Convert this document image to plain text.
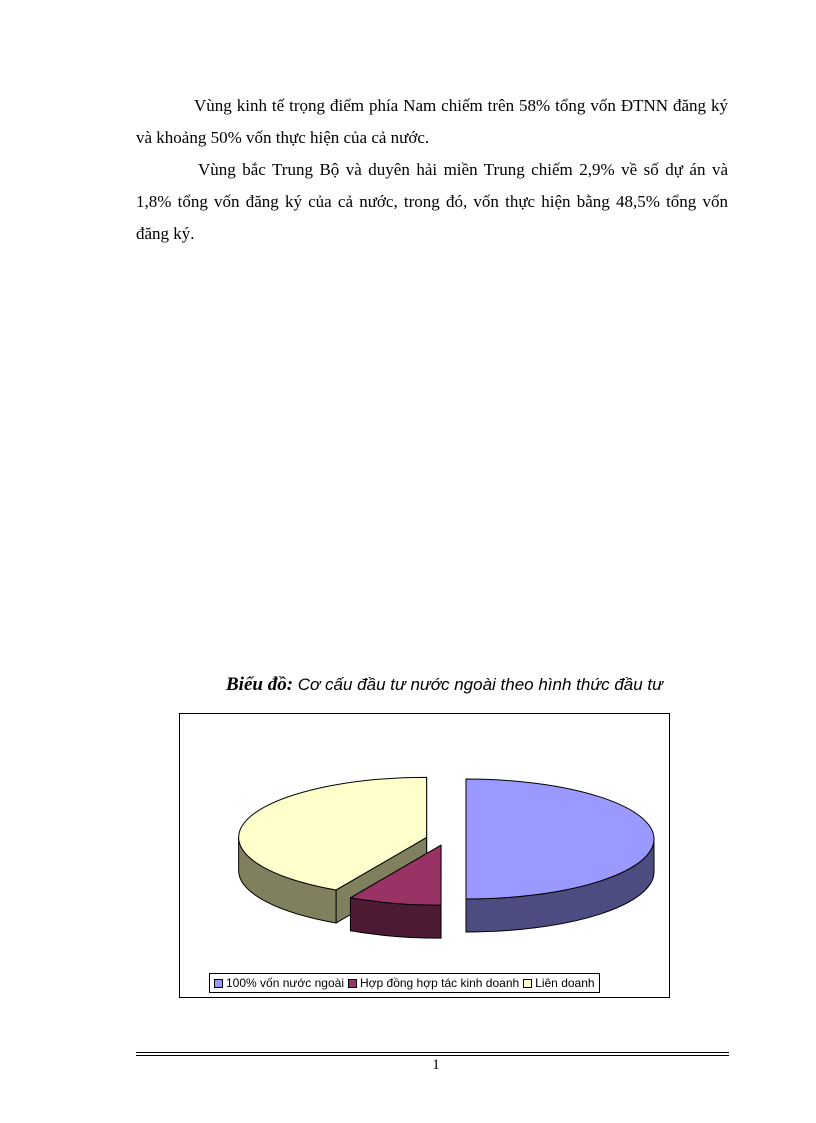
Vùng kinh tế trọng điểm phía Nam chiếm trên 58% tổng vốn ĐTNN đăng ký và khoảng 50% vốn thực hiện của cả nước.

Vùng bắc Trung Bộ và duyên hải miền Trung chiếm 2,9% về số dự án và 1,8% tổng vốn đăng ký của cả nước, trong đó, vốn thực hiện bằng 48,5% tổng vốn đăng ký.

Biểu đồ: Cơ cấu đầu tư nước ngoài theo hình thức đầu tư

100% vốn nước ngoài Hợp đồng hợp tác kinh doanh Liên doanh
1
